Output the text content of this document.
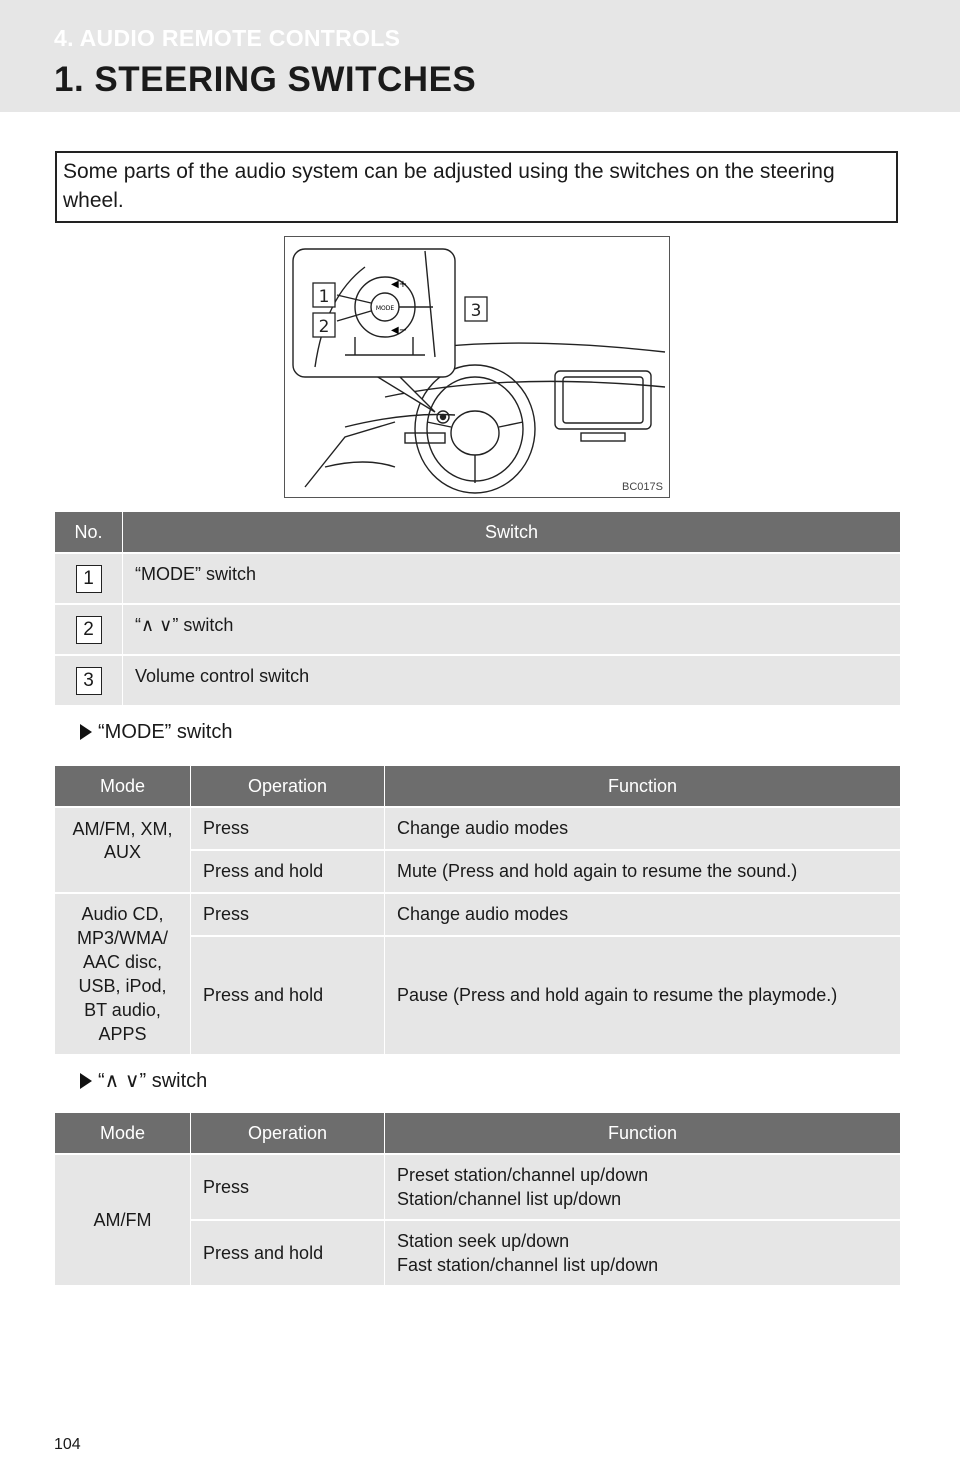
4. AUDIO REMOTE CONTROLS
1. STEERING SWITCHES
Some parts of the audio system can be adjusted using the switches on the steering wheel.
MODE
◀+
◀−
1
2
3
BC017S
No.	Switch
1	“MODE” switch
2	“∧ ∨” switch
3	Volume control switch
“MODE” switch
Mode	Operation	Function
AM/FM, XM, AUX	Press	Change audio modes
	Press and hold	Mute (Press and hold again to resume the sound.)
Audio CD, MP3/WMA/ AAC disc, USB, iPod, BT audio, APPS	Press	Change audio modes
	Press and hold	Pause (Press and hold again to resume the playmode.)
“∧ ∨” switch
Mode	Operation	Function
AM/FM	Press	Preset station/channel up/down
Station/channel list up/down

	Press and hold	Station seek up/down
Fast station/channel list up/down
104
